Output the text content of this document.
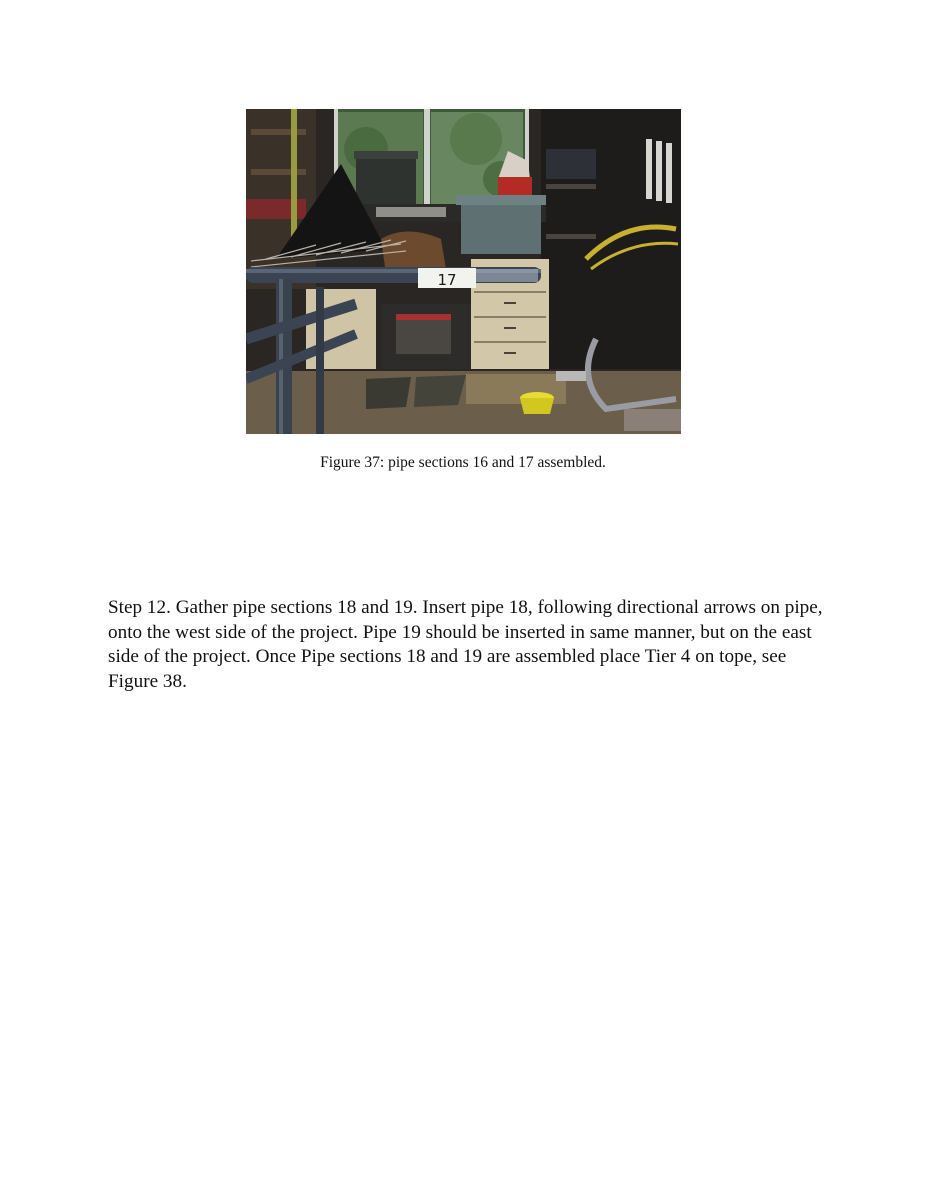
17
Figure 37: pipe sections 16 and 17 assembled.

Step 12. Gather pipe sections 18 and 19. Insert pipe 18, following directional arrows on pipe, onto the west side of the project. Pipe 19 should be inserted in same manner, but on the east side of the project. Once Pipe sections 18 and 19 are assembled place Tier 4 on tope, see Figure 38.
